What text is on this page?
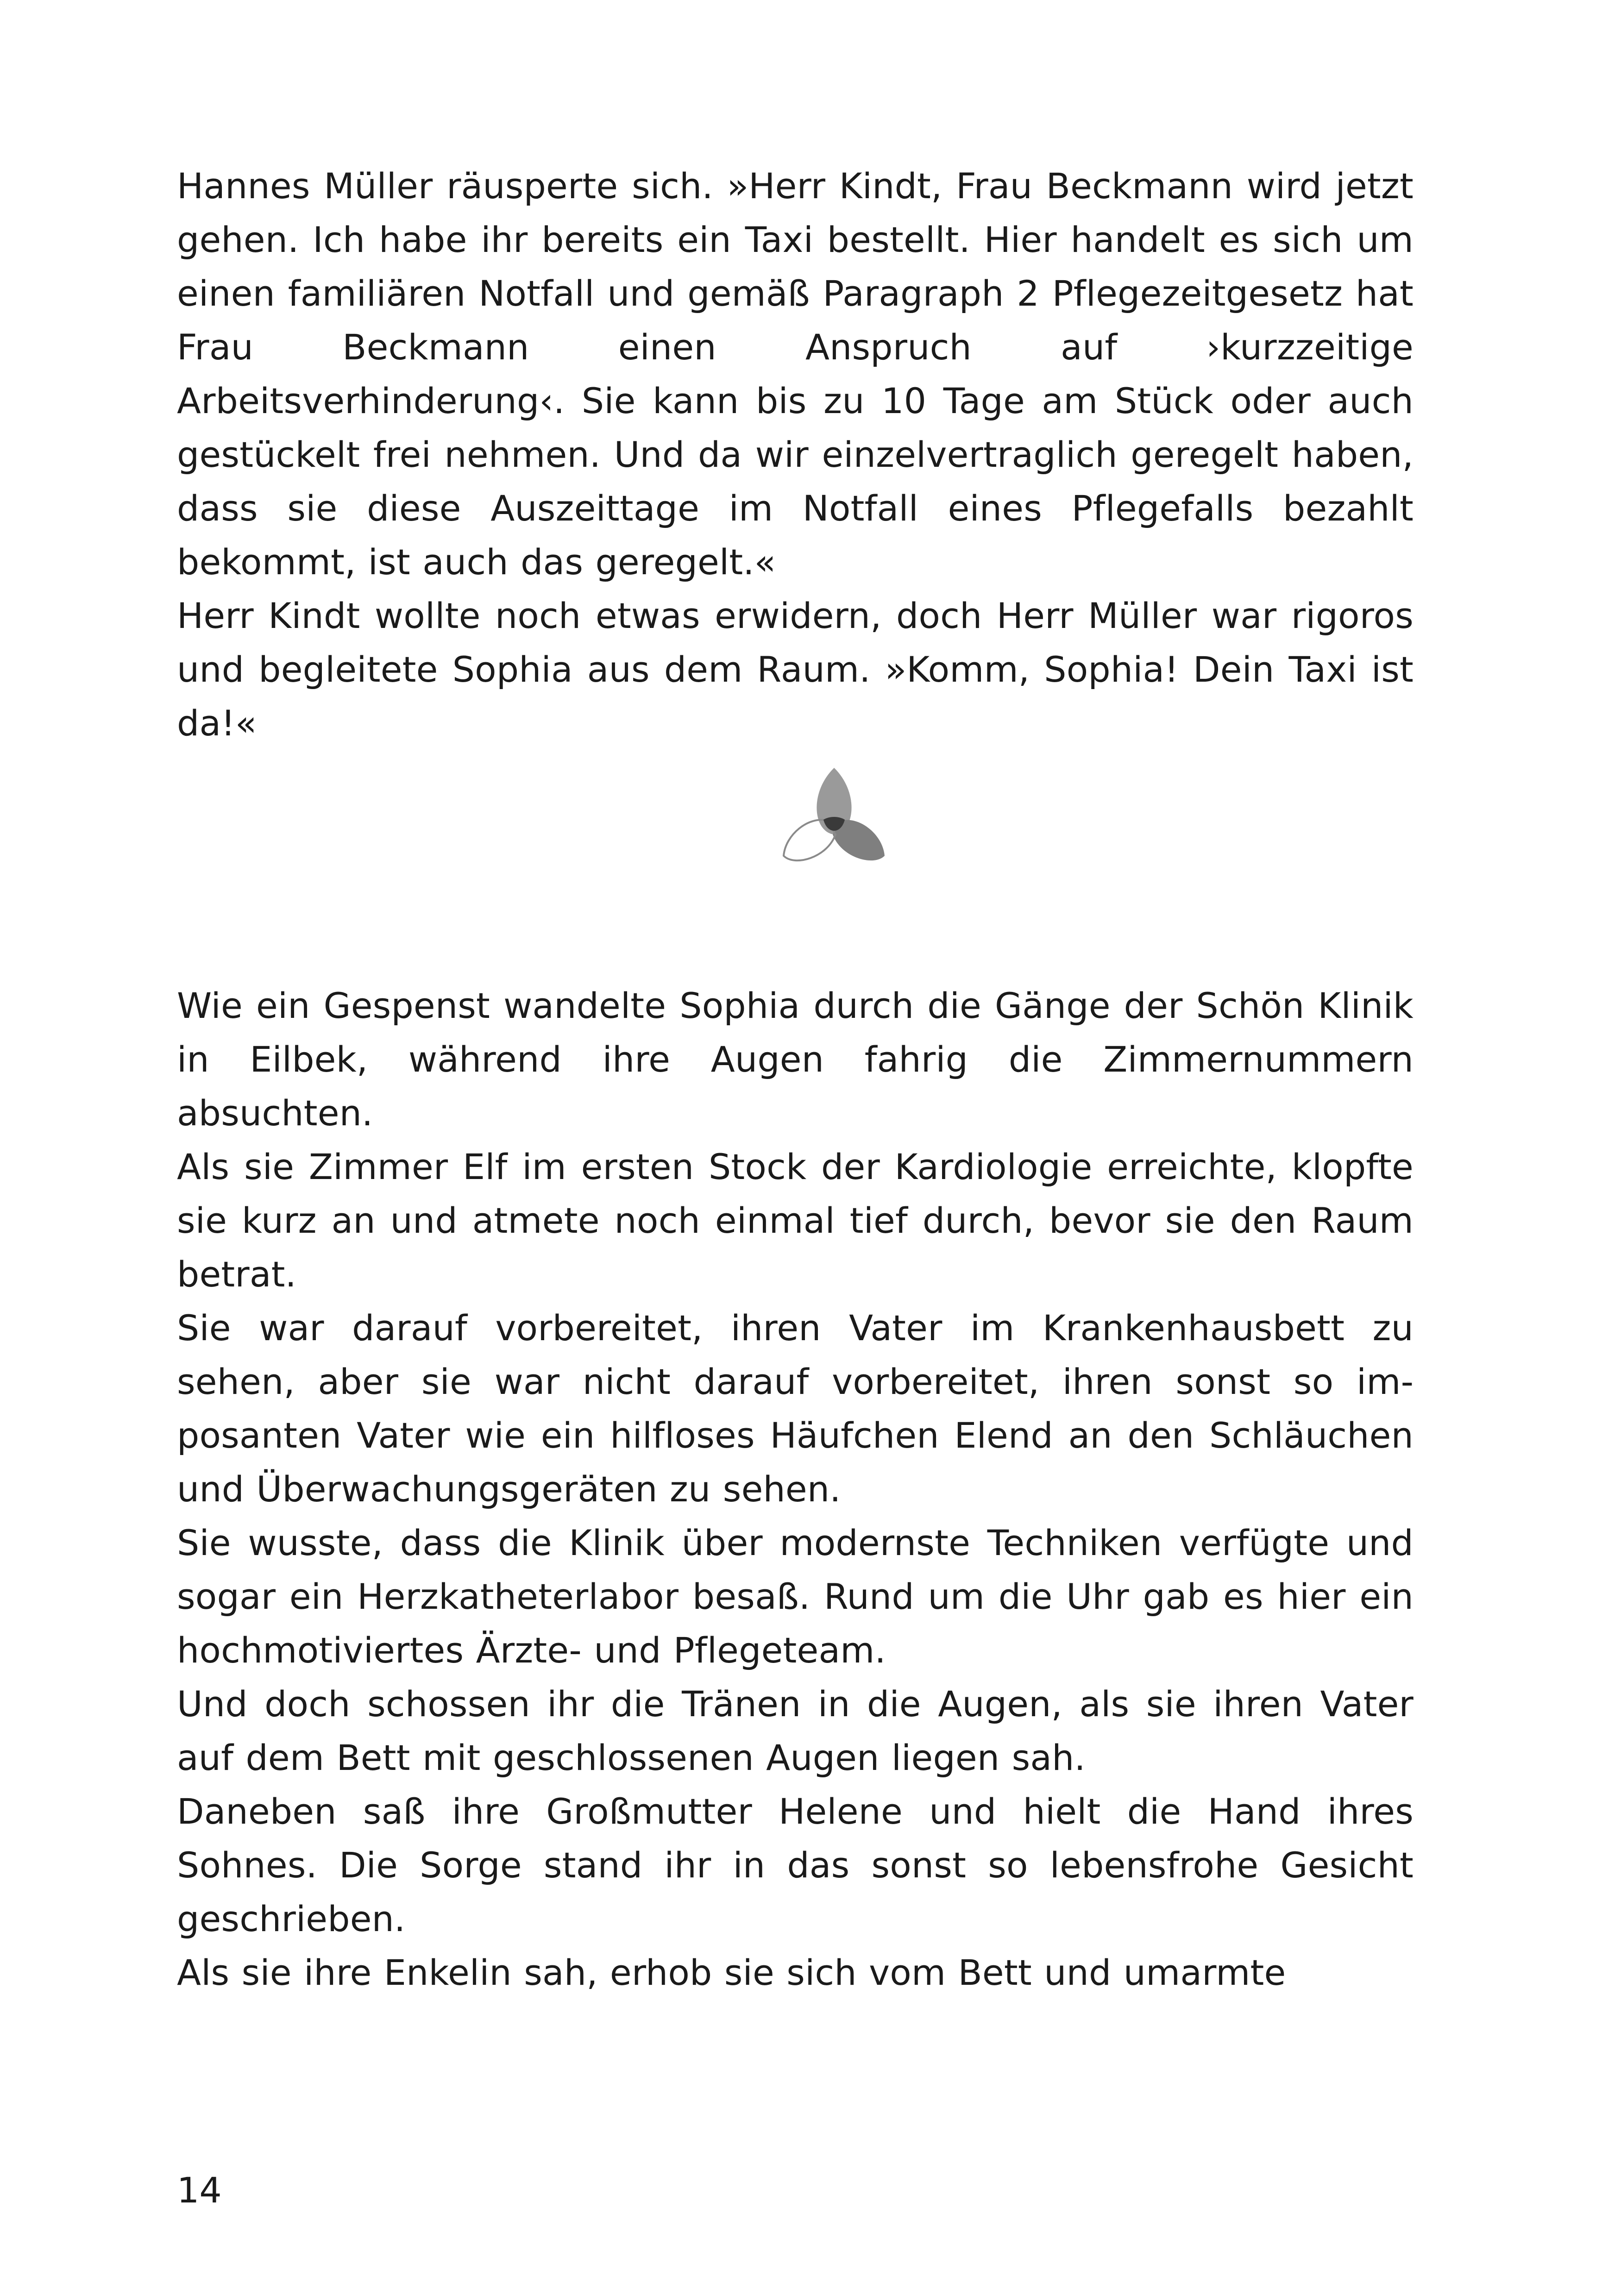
Hannes Müller räusperte sich. »Herr Kindt, Frau Beckmann wird jetzt gehen. Ich habe ihr bereits ein Taxi bestellt. Hier handelt es sich um einen familiären Notfall und gemäß Paragraph 2 Pflegezeitgesetz hat Frau Beckmann einen Anspruch auf ›kurzzeitige Arbeitsverhinderung‹. Sie kann bis zu 10 Tage am Stück oder auch gestückelt frei nehmen. Und da wir einzelvertraglich geregelt haben, dass sie diese Auszeittage im Notfall eines Pflegefalls bezahlt bekommt, ist auch das geregelt.«

Herr Kindt wollte noch etwas erwidern, doch Herr Müller war rigoros und begleitete Sophia aus dem Raum. »Komm, Sophia! Dein Taxi ist da!«

Wie ein Gespenst wandelte Sophia durch die Gänge der Schön Klinik in Eilbek, während ihre Augen fahrig die Zimmernummern absuchten.

Als sie Zimmer Elf im ersten Stock der Kardiologie erreichte, klopfte sie kurz an und atmete noch einmal tief durch, bevor sie den Raum betrat.

Sie war darauf vorbereitet, ihren Vater im Krankenhausbett zu sehen, aber sie war nicht darauf vorbereitet, ihren sonst so imposanten Vater wie ein hilfloses Häufchen Elend an den Schläuchen und Überwachungsgeräten zu sehen.

Sie wusste, dass die Klinik über modernste Techniken verfügte und sogar ein Herzkatheterlabor besaß. Rund um die Uhr gab es hier ein hochmotiviertes Ärzte- und Pflegeteam.

Und doch schossen ihr die Tränen in die Augen, als sie ihren Vater auf dem Bett mit geschlossenen Augen liegen sah.

Daneben saß ihre Großmutter Helene und hielt die Hand ihres Sohnes. Die Sorge stand ihr in das sonst so lebensfrohe Gesicht geschrieben.

Als sie ihre Enkelin sah, erhob sie sich vom Bett und umarmte

14
